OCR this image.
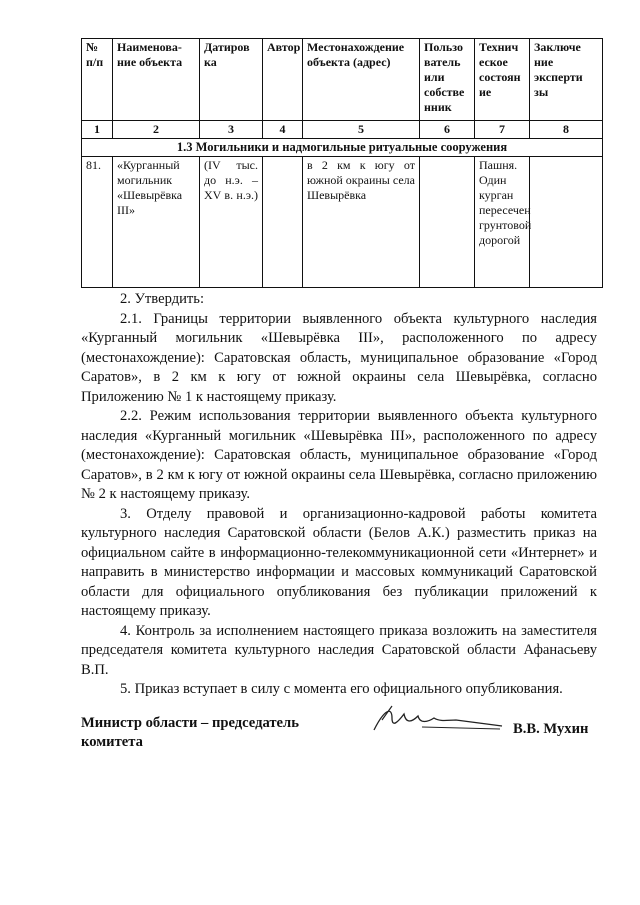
№ п/п	Наименова-ние объекта	Датиров ка	Автор	Местонахождение объекта (адрес)	Пользо ватель или собстве нник	Технич еское состоян ие	Заключе ние эксперти зы
1	2	3	4	5	6	7	8
1.3 Могильники и надмогильные ритуальные сооружения							
81.	«Курганный могильник «Шевырёвка III»	(IV тыс. до н.э. – XV в. н.э.)		в 2 км к югу от южной окраины села Шевырёвка		Пашня. Один курган пересечен грунтовой дорогой	

2. Утвердить:

2.1. Границы территории выявленного объекта культурного наследия «Курганный могильник «Шевырёвка III», расположенного по адресу (местонахождение): Саратовская область, муниципальное образование «Город Саратов», в 2 км к югу от южной окраины села Шевырёвка, согласно Приложению № 1 к настоящему приказу.

2.2. Режим использования территории выявленного объекта культурного наследия «Курганный могильник «Шевырёвка III», расположенного по адресу (местонахождение): Саратовская область, муниципальное образование «Город Саратов», в 2 км к югу от южной окраины села Шевырёвка, согласно приложению № 2 к настоящему приказу.

3. Отделу правовой и организационно-кадровой работы комитета культурного наследия Саратовской области (Белов А.К.) разместить приказ на официальном сайте в информационно-телекоммуникационной сети «Интернет» и направить в министерство информации и массовых коммуникаций Саратовской области для официального опубликования без публикации приложений к настоящему приказу.

4. Контроль за исполнением настоящего приказа возложить на заместителя председателя комитета культурного наследия Саратовской области Афанасьеву В.П.

5. Приказ вступает в силу с момента его официального опубликования.

Министр области – председатель
комитета
В.В. Мухин
